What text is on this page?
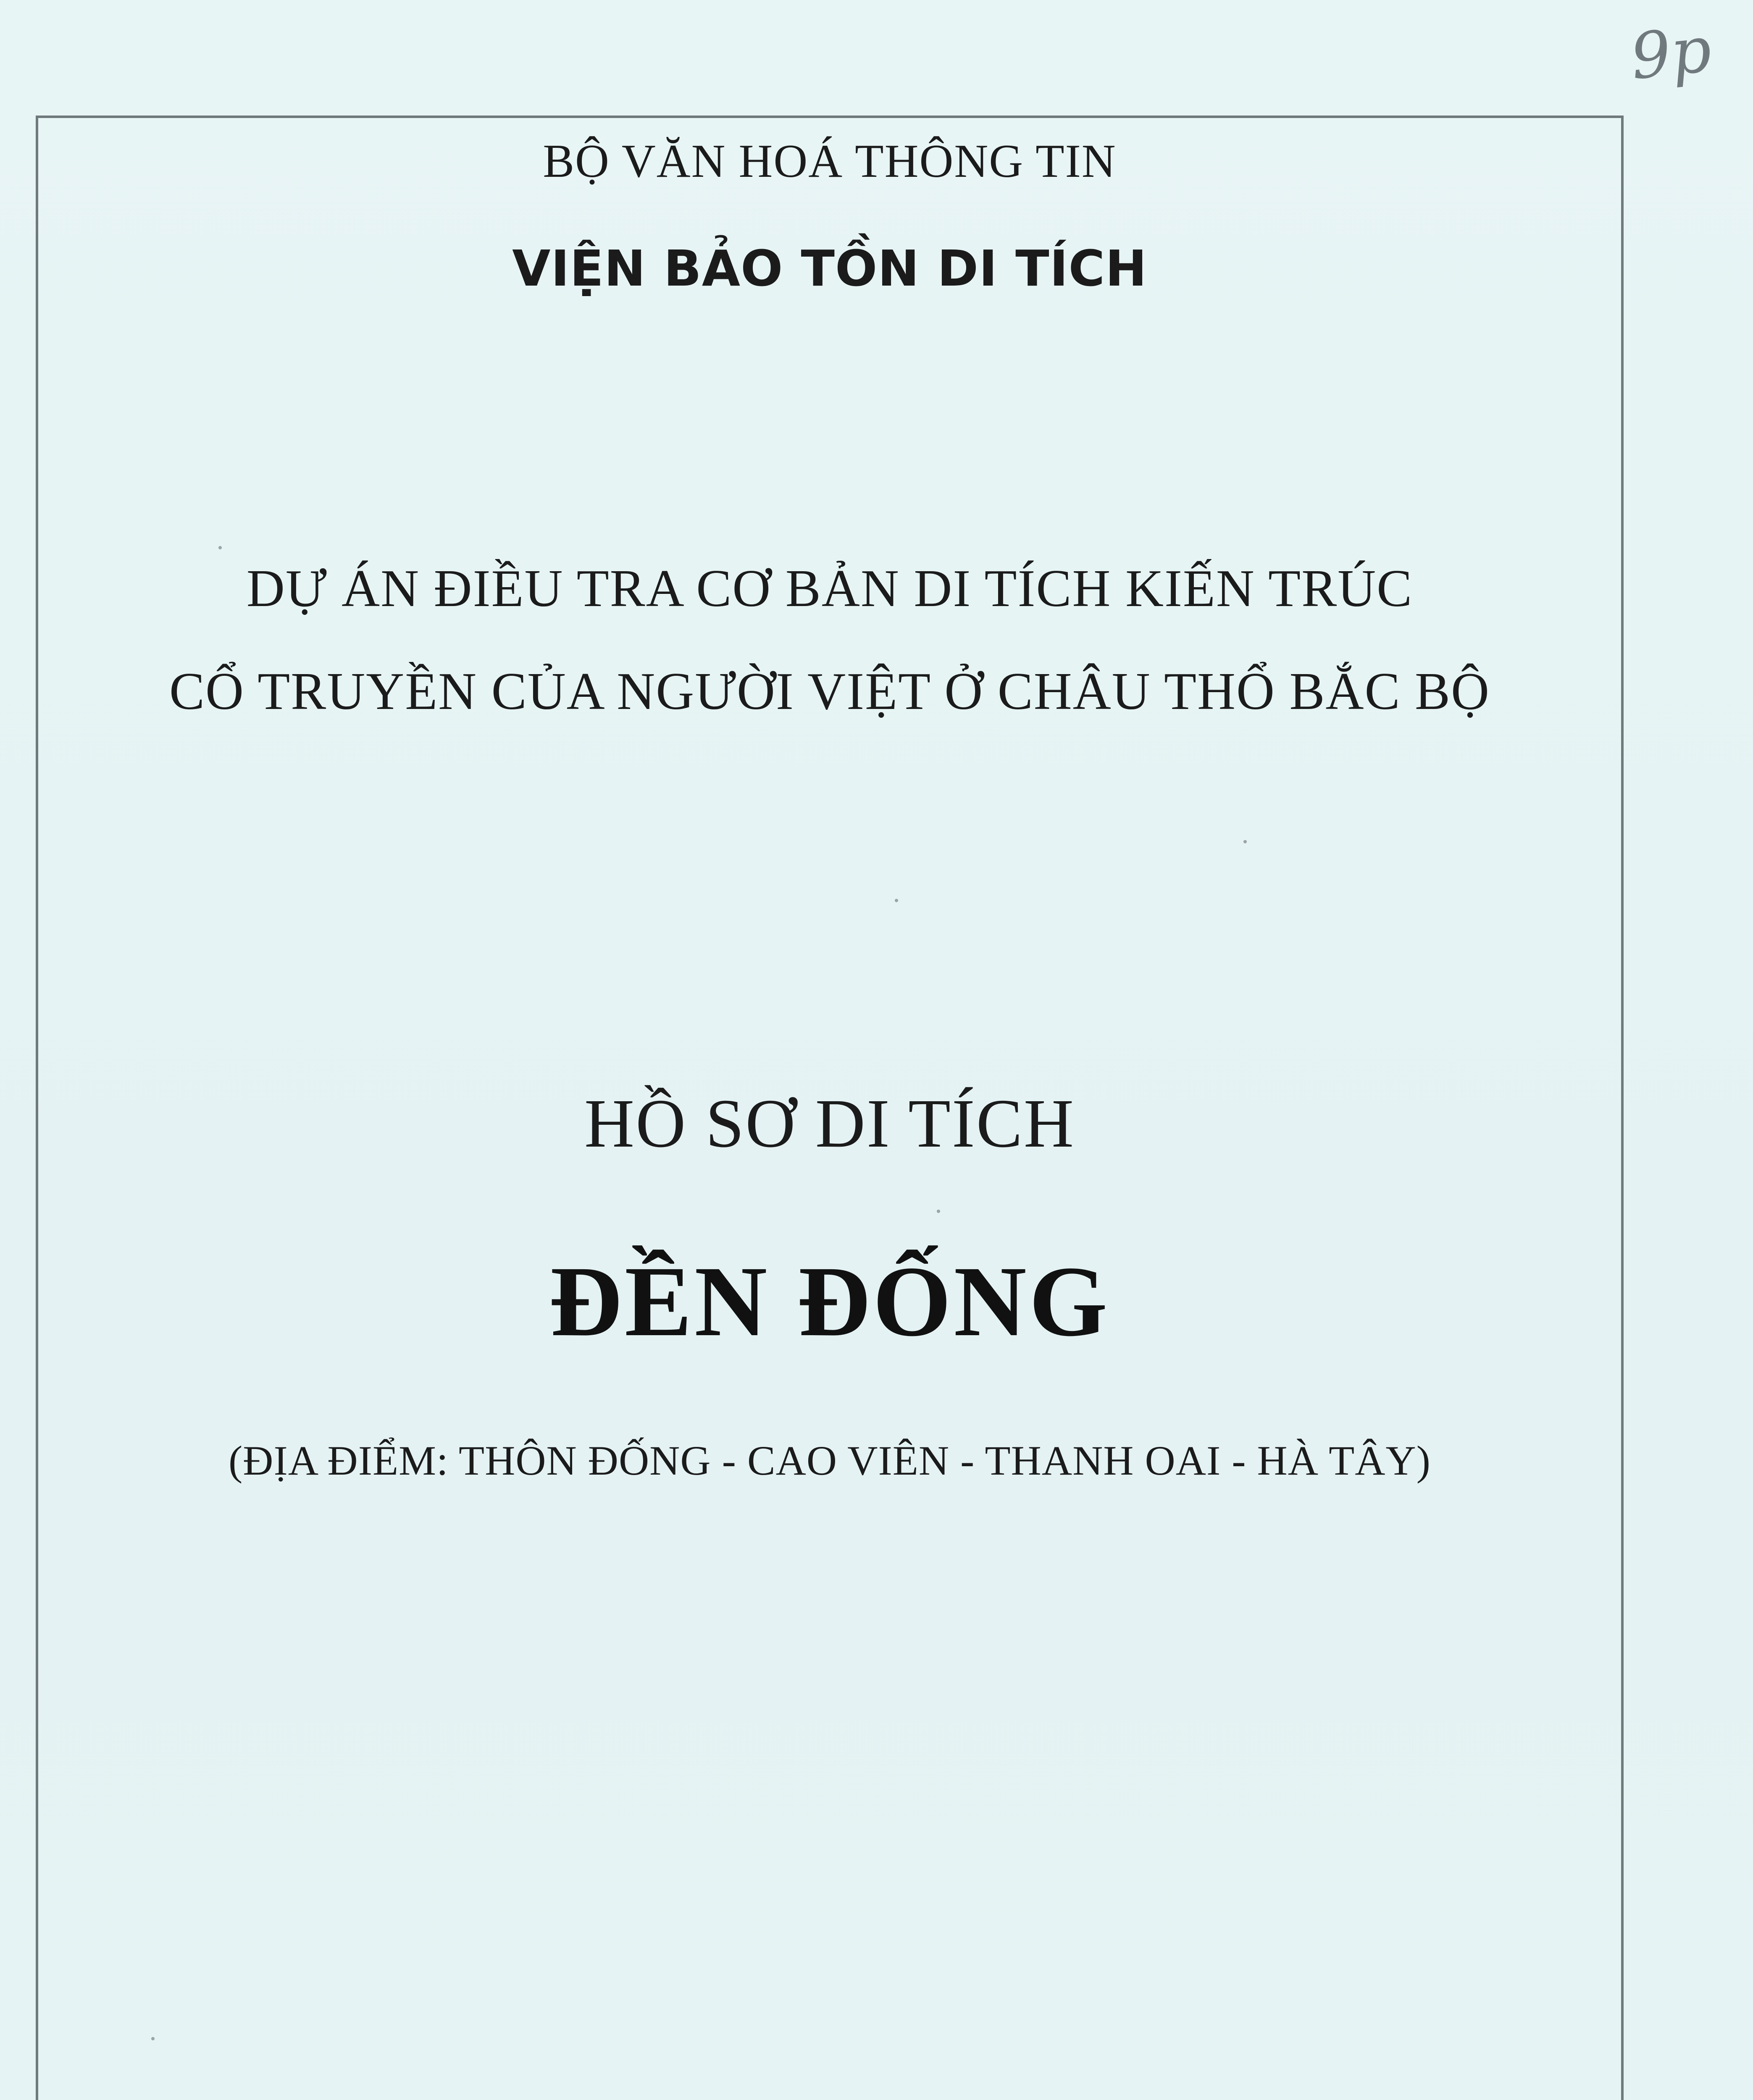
9p
BỘ VĂN HOÁ THÔNG TIN
VIỆN BẢO TỒN DI TÍCH
DỰ ÁN ĐIỀU TRA CƠ BẢN DI TÍCH KIẾN TRÚC
CỔ TRUYỀN CỦA NGƯỜI VIỆT Ở CHÂU THỔ BẮC BỘ
HỒ SƠ DI TÍCH
ĐỀN ĐỐNG
(ĐỊA ĐIỂM: THÔN ĐỐNG - CAO VIÊN - THANH OAI - HÀ TÂY)
